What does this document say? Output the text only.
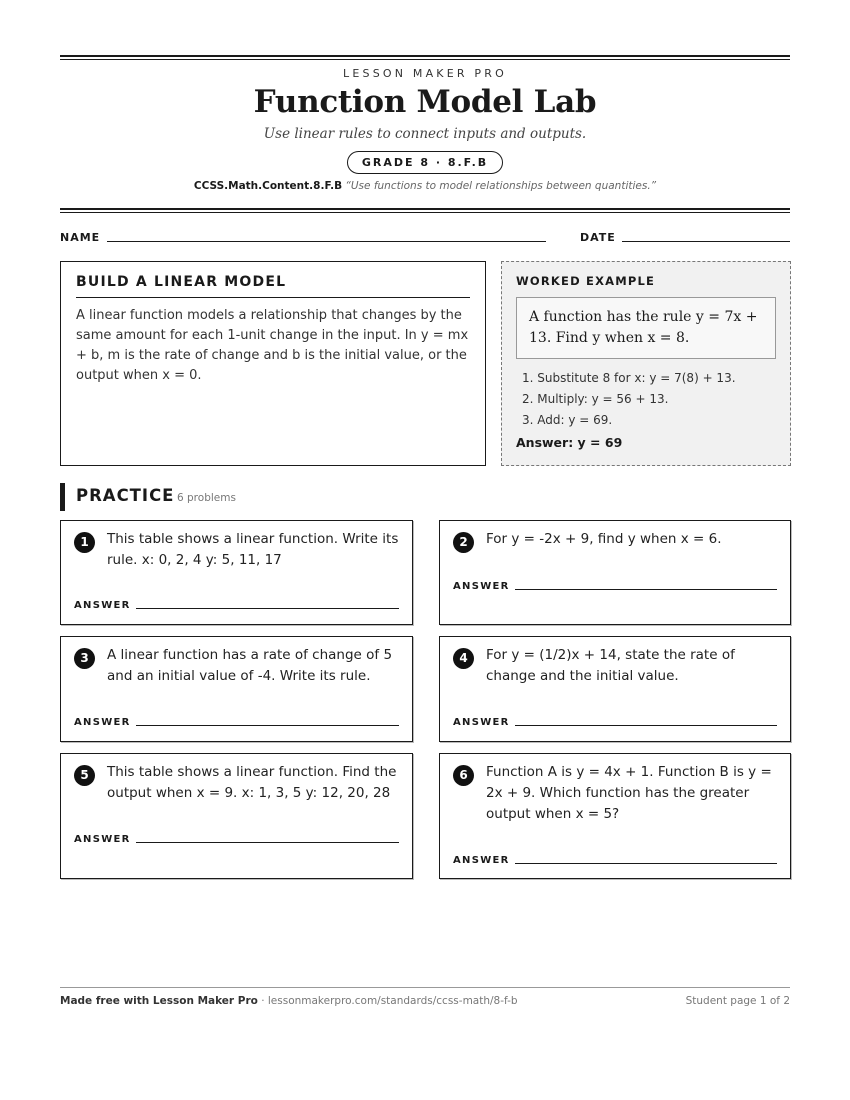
LESSON MAKER PRO
Function Model Lab
Use linear rules to connect inputs and outputs.
GRADE 8 · 8.F.B
CCSS.Math.Content.8.F.B “Use functions to model relationships between quantities.”
NAME	DATE
BUILD A LINEAR MODEL

A linear function models a relationship that changes by the same amount for each 1-unit change in the input. In y = mx + b, m is the rate of change and b is the initial value, or the output when x = 0.

WORKED EXAMPLE
A function has the rule y = 7x + 13. Find y when x = 8.
1. Substitute 8 for x: y = 7(8) + 13.
2. Multiply: y = 56 + 13.
3. Add: y = 69.
Answer: y = 69
PRACTICE 6 problems
1	This table shows a linear function. Write its rule. x: 0, 2, 4 y: 5, 11, 17
ANSWER
2	For y = -2x + 9, find y when x = 6.
ANSWER
3	A linear function has a rate of change of 5 and an initial value of -4. Write its rule.
ANSWER
4	For y = (1/2)x + 14, state the rate of change and the initial value.
ANSWER
5	This table shows a linear function. Find the output when x = 9. x: 1, 3, 5 y: 12, 20, 28
ANSWER
6	Function A is y = 4x + 1. Function B is y = 2x + 9. Which function has the greater output when x = 5?
ANSWER
Made free with Lesson Maker Pro · lessonmakerpro.com/standards/ccss-math/8-f-b	Student page 1 of 2
